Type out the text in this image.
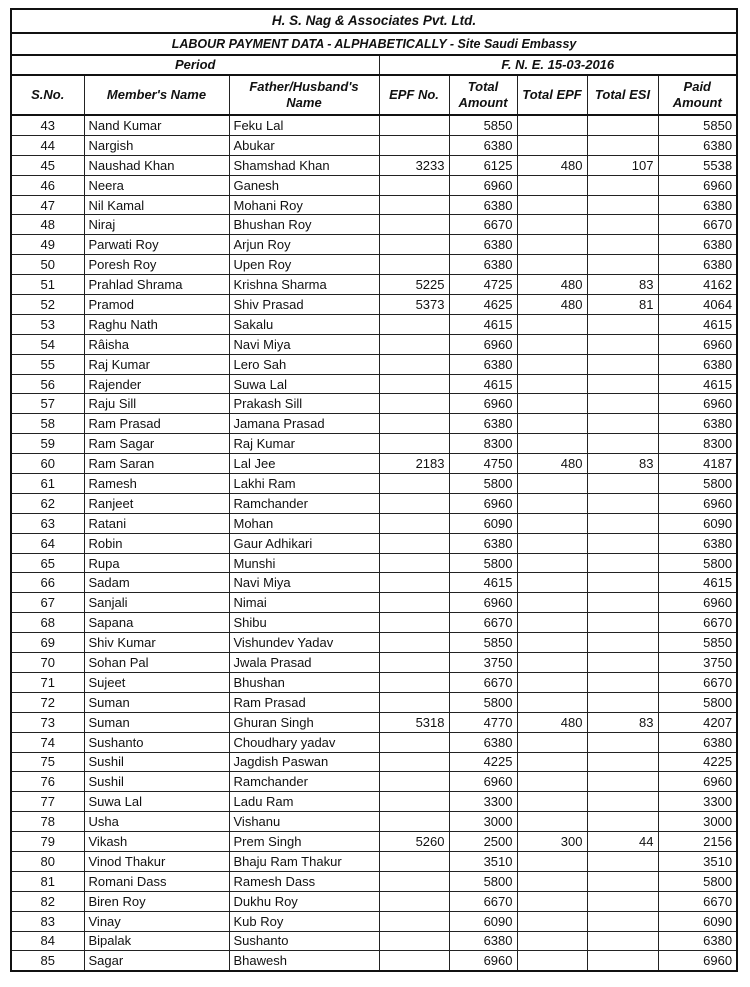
H. S. Nag & Associates Pvt. Ltd.							
LABOUR PAYMENT DATA - ALPHABETICALLY - Site Saudi Embassy							
Period			F. N. E. 15-03-2016				
S.No.	Member's Name	Father/Husband's Name	EPF No.	Total Amount	Total EPF	Total ESI	Paid Amount
43	Nand Kumar	Feku Lal		5850			5850
44	Nargish	Abukar		6380			6380
45	Naushad Khan	Shamshad Khan	3233	6125	480	107	5538
46	Neera	Ganesh		6960			6960
47	Nil Kamal	Mohani Roy		6380			6380
48	Niraj	Bhushan Roy		6670			6670
49	Parwati Roy	Arjun Roy		6380			6380
50	Poresh Roy	Upen Roy		6380			6380
51	Prahlad Shrama	Krishna Sharma	5225	4725	480	83	4162
52	Pramod	Shiv Prasad	5373	4625	480	81	4064
53	Raghu Nath	Sakalu		4615			4615
54	Râisha	Navi Miya		6960			6960
55	Raj Kumar	Lero Sah		6380			6380
56	Rajender	Suwa Lal		4615			4615
57	Raju Sill	Prakash Sill		6960			6960
58	Ram Prasad	Jamana Prasad		6380			6380
59	Ram Sagar	Raj Kumar		8300			8300
60	Ram Saran	Lal Jee	2183	4750	480	83	4187
61	Ramesh	Lakhi Ram		5800			5800
62	Ranjeet	Ramchander		6960			6960
63	Ratani	Mohan		6090			6090
64	Robin	Gaur Adhikari		6380			6380
65	Rupa	Munshi		5800			5800
66	Sadam	Navi Miya		4615			4615
67	Sanjali	Nimai		6960			6960
68	Sapana	Shibu		6670			6670
69	Shiv Kumar	Vishundev Yadav		5850			5850
70	Sohan Pal	Jwala Prasad		3750			3750
71	Sujeet	Bhushan		6670			6670
72	Suman	Ram Prasad		5800			5800
73	Suman	Ghuran Singh	5318	4770	480	83	4207
74	Sushanto	Choudhary yadav		6380			6380
75	Sushil	Jagdish Paswan		4225			4225
76	Sushil	Ramchander		6960			6960
77	Suwa Lal	Ladu Ram		3300			3300
78	Usha	Vishanu		3000			3000
79	Vikash	Prem Singh	5260	2500	300	44	2156
80	Vinod Thakur	Bhaju Ram Thakur		3510			3510
81	Romani Dass	Ramesh Dass		5800			5800
82	Biren Roy	Dukhu Roy		6670			6670
83	Vinay	Kub Roy		6090			6090
84	Bipalak	Sushanto		6380			6380
85	Sagar	Bhawesh		6960			6960
